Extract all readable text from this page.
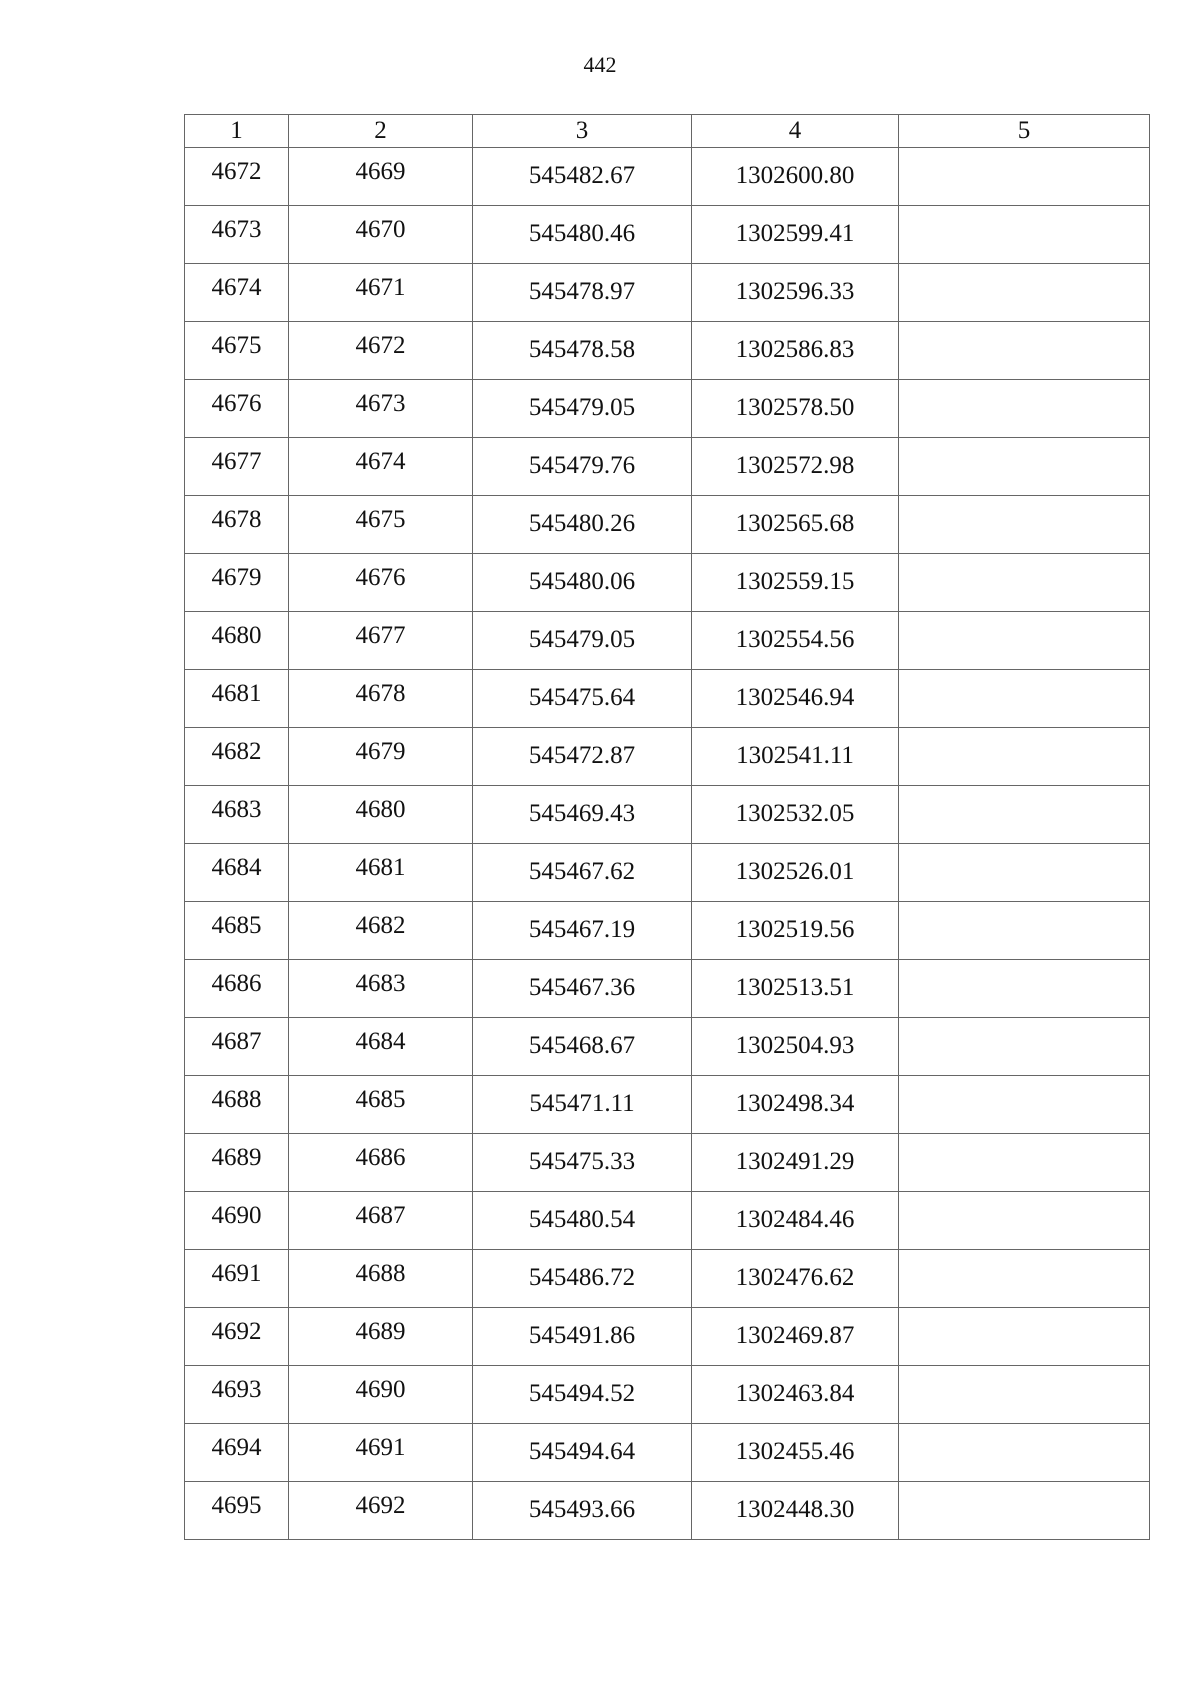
442
1	2	3	4	5
4672	4669	545482.67	1302600.80	
4673	4670	545480.46	1302599.41	
4674	4671	545478.97	1302596.33	
4675	4672	545478.58	1302586.83	
4676	4673	545479.05	1302578.50	
4677	4674	545479.76	1302572.98	
4678	4675	545480.26	1302565.68	
4679	4676	545480.06	1302559.15	
4680	4677	545479.05	1302554.56	
4681	4678	545475.64	1302546.94	
4682	4679	545472.87	1302541.11	
4683	4680	545469.43	1302532.05	
4684	4681	545467.62	1302526.01	
4685	4682	545467.19	1302519.56	
4686	4683	545467.36	1302513.51	
4687	4684	545468.67	1302504.93	
4688	4685	545471.11	1302498.34	
4689	4686	545475.33	1302491.29	
4690	4687	545480.54	1302484.46	
4691	4688	545486.72	1302476.62	
4692	4689	545491.86	1302469.87	
4693	4690	545494.52	1302463.84	
4694	4691	545494.64	1302455.46	
4695	4692	545493.66	1302448.30	
